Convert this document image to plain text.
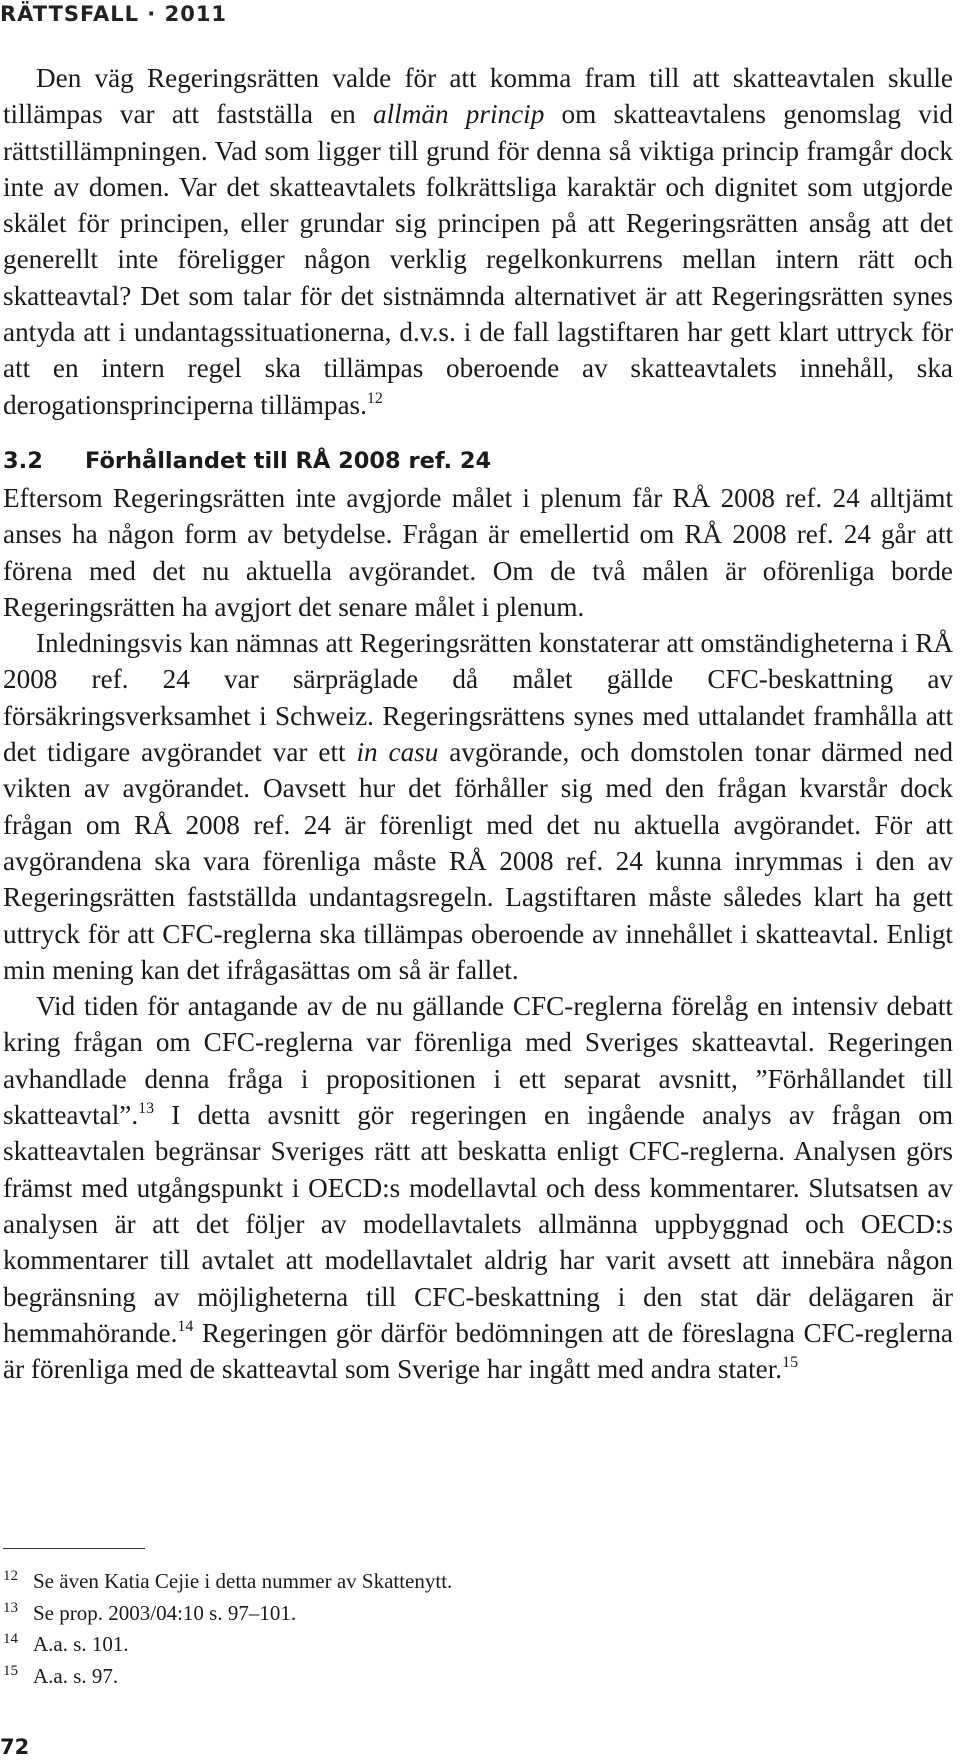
RÄTTSFALL · 2011

Den väg Regeringsrätten valde för att komma fram till att skatteavtalen skulle tillämpas var att fastställa en allmän princip om skatteavtalens genomslag vid rättstillämpningen. Vad som ligger till grund för denna så viktiga princip framgår dock inte av domen. Var det skatteavtalets folkrättsliga karaktär och dignitet som utgjorde skälet för principen, eller grundar sig principen på att Regeringsrätten ansåg att det generellt inte föreligger någon verklig regelkonkurrens mellan intern rätt och skatteavtal? Det som talar för det sistnämnda alternativet är att Regeringsrätten synes antyda att i undantagssituationerna, d.v.s. i de fall lagstiftaren har gett klart uttryck för att en intern regel ska tillämpas oberoende av skatteavtalets innehåll, ska derogationsprinciperna tillämpas.$^{12}$

3.2 Förhållandet till RÅ 2008 ref. 24

Eftersom Regeringsrätten inte avgjorde målet i plenum får RÅ 2008 ref. 24 alltjämt anses ha någon form av betydelse. Frågan är emellertid om RÅ 2008 ref. 24 går att förena med det nu aktuella avgörandet. Om de två målen är oförenliga borde Regeringsrätten ha avgjort det senare målet i plenum.

Inledningsvis kan nämnas att Regeringsrätten konstaterar att omständigheterna i RÅ 2008 ref. 24 var särpräglade då målet gällde CFC-beskattning av försäkringsverksamhet i Schweiz. Regeringsrättens synes med uttalandet framhålla att det tidigare avgörandet var ett in casu avgörande, och domstolen tonar därmed ned vikten av avgörandet. Oavsett hur det förhåller sig med den frågan kvarstår dock frågan om RÅ 2008 ref. 24 är förenligt med det nu aktuella avgörandet. För att avgörandena ska vara förenliga måste RÅ 2008 ref. 24 kunna inrymmas i den av Regeringsrätten fastställda undantagsregeln. Lagstiftaren måste således klart ha gett uttryck för att CFC-reglerna ska tillämpas oberoende av innehållet i skatteavtal. Enligt min mening kan det ifrågasättas om så är fallet.

Vid tiden för antagande av de nu gällande CFC-reglerna förelåg en intensiv debatt kring frågan om CFC-reglerna var förenliga med Sveriges skatteavtal. Regeringen avhandlade denna fråga i propositionen i ett separat avsnitt, ”Förhållandet till skatteavtal”.$^{13}$ I detta avsnitt gör regeringen en ingående analys av frågan om skatteavtalen begränsar Sveriges rätt att beskatta enligt CFC-reglerna. Analysen görs främst med utgångspunkt i OECD:s modellavtal och dess kommentarer. Slutsatsen av analysen är att det följer av modellavtalets allmänna uppbyggnad och OECD:s kommentarer till avtalet att modellavtalet aldrig har varit avsett att innebära någon begränsning av möjligheterna till CFC-beskattning i den stat där delägaren är hemmahörande.$^{14}$ Regeringen gör därför bedömningen att de föreslagna CFC-reglerna är förenliga med de skatteavtal som Sverige har ingått med andra stater.$^{15}$

12 Se även Katia Cejie i detta nummer av Skattenytt.
13 Se prop. 2003/04:10 s. 97–101.
14 A.a. s. 101.
15 A.a. s. 97.
72
